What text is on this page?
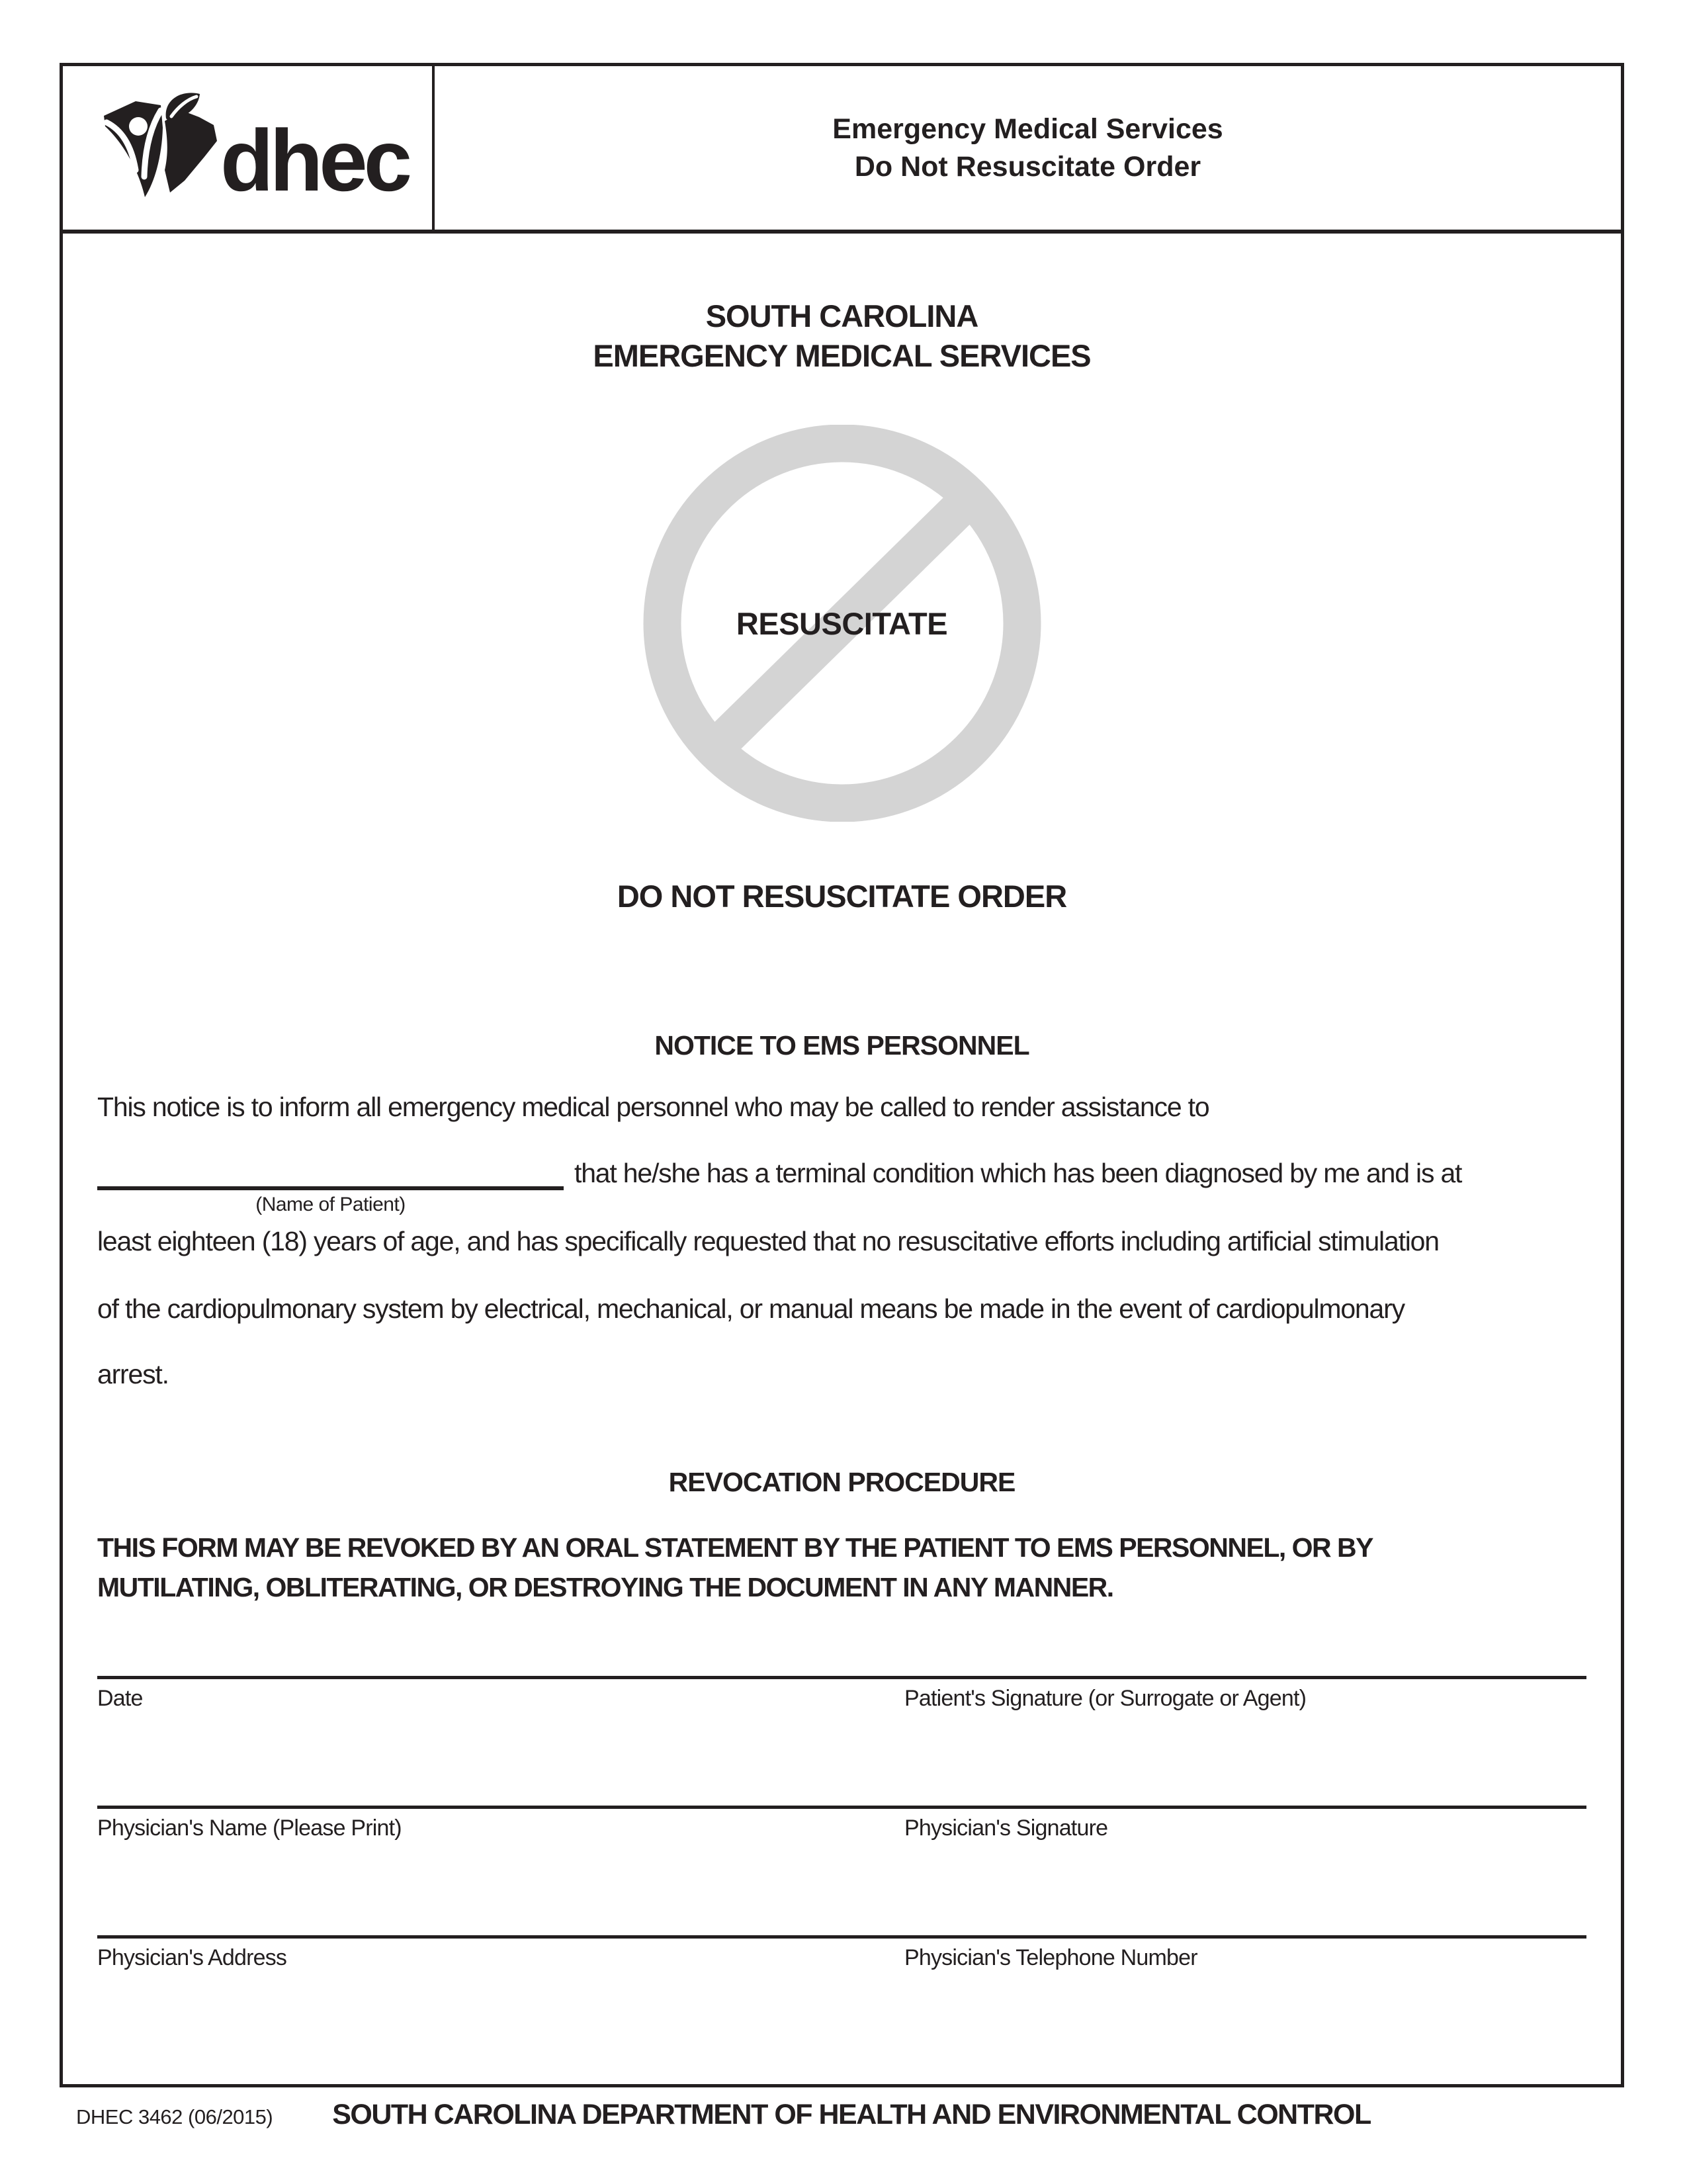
dhec	Emergency Medical Services
Do Not Resuscitate Order
SOUTH CAROLINA
EMERGENCY MEDICAL SERVICES
RESUSCITATE
DO NOT RESUSCITATE ORDER
NOTICE TO EMS PERSONNEL
This notice is to inform all emergency medical personnel who may be called to render assistance to
that he/she has a terminal condition which has been diagnosed by me and is at
(Name of Patient)
least eighteen (18) years of age, and has specifically requested that no resuscitative efforts including artificial stimulation
of the cardiopulmonary system by electrical, mechanical, or manual means be made in the event of cardiopulmonary
arrest.
REVOCATION PROCEDURE
THIS FORM MAY BE REVOKED BY AN ORAL STATEMENT BY THE PATIENT TO EMS PERSONNEL, OR BY
MUTILATING, OBLITERATING, OR DESTROYING THE DOCUMENT IN ANY MANNER.
Date	Patient's Signature (or Surrogate or Agent)
Physician's Name (Please Print)	Physician's Signature
Physician's Address	Physician's Telephone Number
DHEC 3462 (06/2015) SOUTH CAROLINA DEPARTMENT OF HEALTH AND ENVIRONMENTAL CONTROL
